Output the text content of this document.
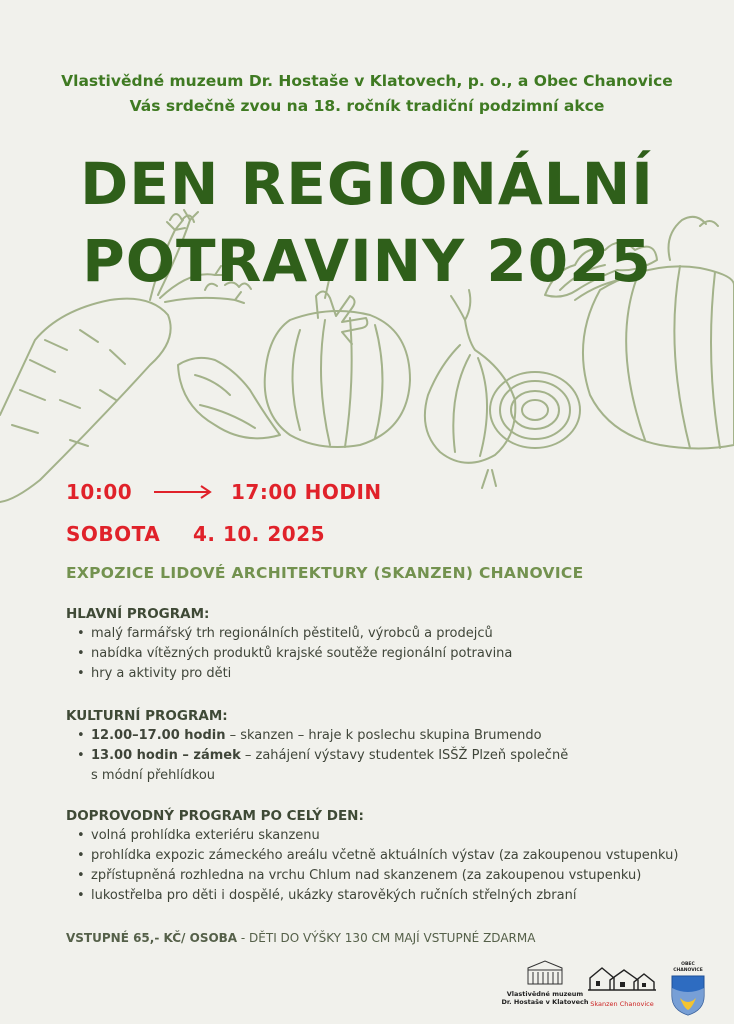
Vlastivědné muzeum Dr. Hostaše v Klatovech, p. o., a Obec Chanovice
Vás srdečně zvou na 18. ročník tradiční podzimní akce
DEN REGIONÁLNÍ
POTRAVINY 2025
10:00	17:00 HODIN
SOBOTA 4. 10. 2025
EXPOZICE LIDOVÉ ARCHITEKTURY (SKANZEN) CHANOVICE
HLAVNÍ PROGRAM:
• malý farmářský trh regionálních pěstitelů, výrobců a prodejců
• nabídka vítězných produktů krajské soutěže regionální potravina
• hry a aktivity pro děti
KULTURNÍ PROGRAM:
• 12.00–17.00 hodin – skanzen – hraje k poslechu skupina Brumendo
• 13.00 hodin – zámek – zahájení výstavy studentek ISŠŽ Plzeň společně
s módní přehlídkou
DOPROVODNÝ PROGRAM PO CELÝ DEN:
• volná prohlídka exteriéru skanzenu
• prohlídka expozic zámeckého areálu včetně aktuálních výstav (za zakoupenou vstupenku)
• zpřístupněná rozhledna na vrchu Chlum nad skanzenem (za zakoupenou vstupenku)
• lukostřelba pro děti i dospělé, ukázky starověkých ručních střelných zbraní
VSTUPNÉ 65,- KČ/ OSOBA - DĚTI DO VÝŠKY 130 CM MAJÍ VSTUPNÉ ZDARMA
Vlastivědné muzeum
Dr. Hostaše v Klatovech Skanzen Chanovice
OBEC CHANOVICE
